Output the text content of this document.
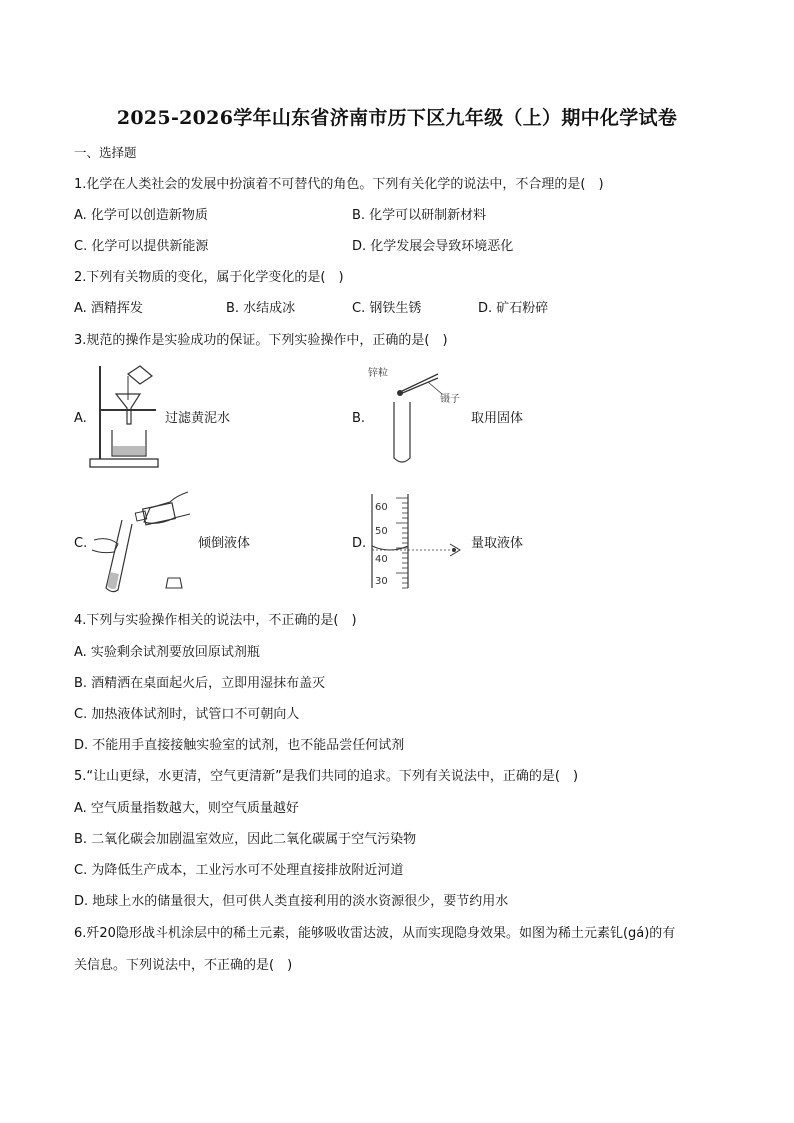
2025-2026学年山东省济南市历下区九年级（上）期中化学试卷
一、选择题
1.化学在人类社会的发展中扮演着不可替代的角色。下列有关化学的说法中，不合理的是(　)
A. 化学可以创造新物质	B. 化学可以研制新材料
C. 化学可以提供新能源	D. 化学发展会导致环境恶化
2.下列有关物质的变化，属于化学变化的是(　)
A. 酒精挥发	B. 水结成冰	C. 钢铁生锈	D. 矿石粉碎
3.规范的操作是实验成功的保证。下列实验操作中，正确的是(　)
A.	过滤黄泥水	B.
锌粒
镊子
取用固体
C.	倾倒液体	D.
60
50
40
30
量取液体
4.下列与实验操作相关的说法中，不正确的是(　)
A. 实验剩余试剂要放回原试剂瓶
B. 酒精洒在桌面起火后，立即用湿抹布盖灭
C. 加热液体试剂时，试管口不可朝向人
D. 不能用手直接接触实验室的试剂，也不能品尝任何试剂
5.“让山更绿，水更清，空气更清新”是我们共同的追求。下列有关说法中，正确的是(　)
A. 空气质量指数越大，则空气质量越好
B. 二氧化碳会加剧温室效应，因此二氧化碳属于空气污染物
C. 为降低生产成本，工业污水可不处理直接排放附近河道
D. 地球上水的储量很大，但可供人类直接利用的淡水资源很少，要节约用水
6.歼20隐形战斗机涂层中的稀土元素，能够吸收雷达波，从而实现隐身效果。如图为稀土元素钆(gá)的有
关信息。下列说法中，不正确的是(　)
